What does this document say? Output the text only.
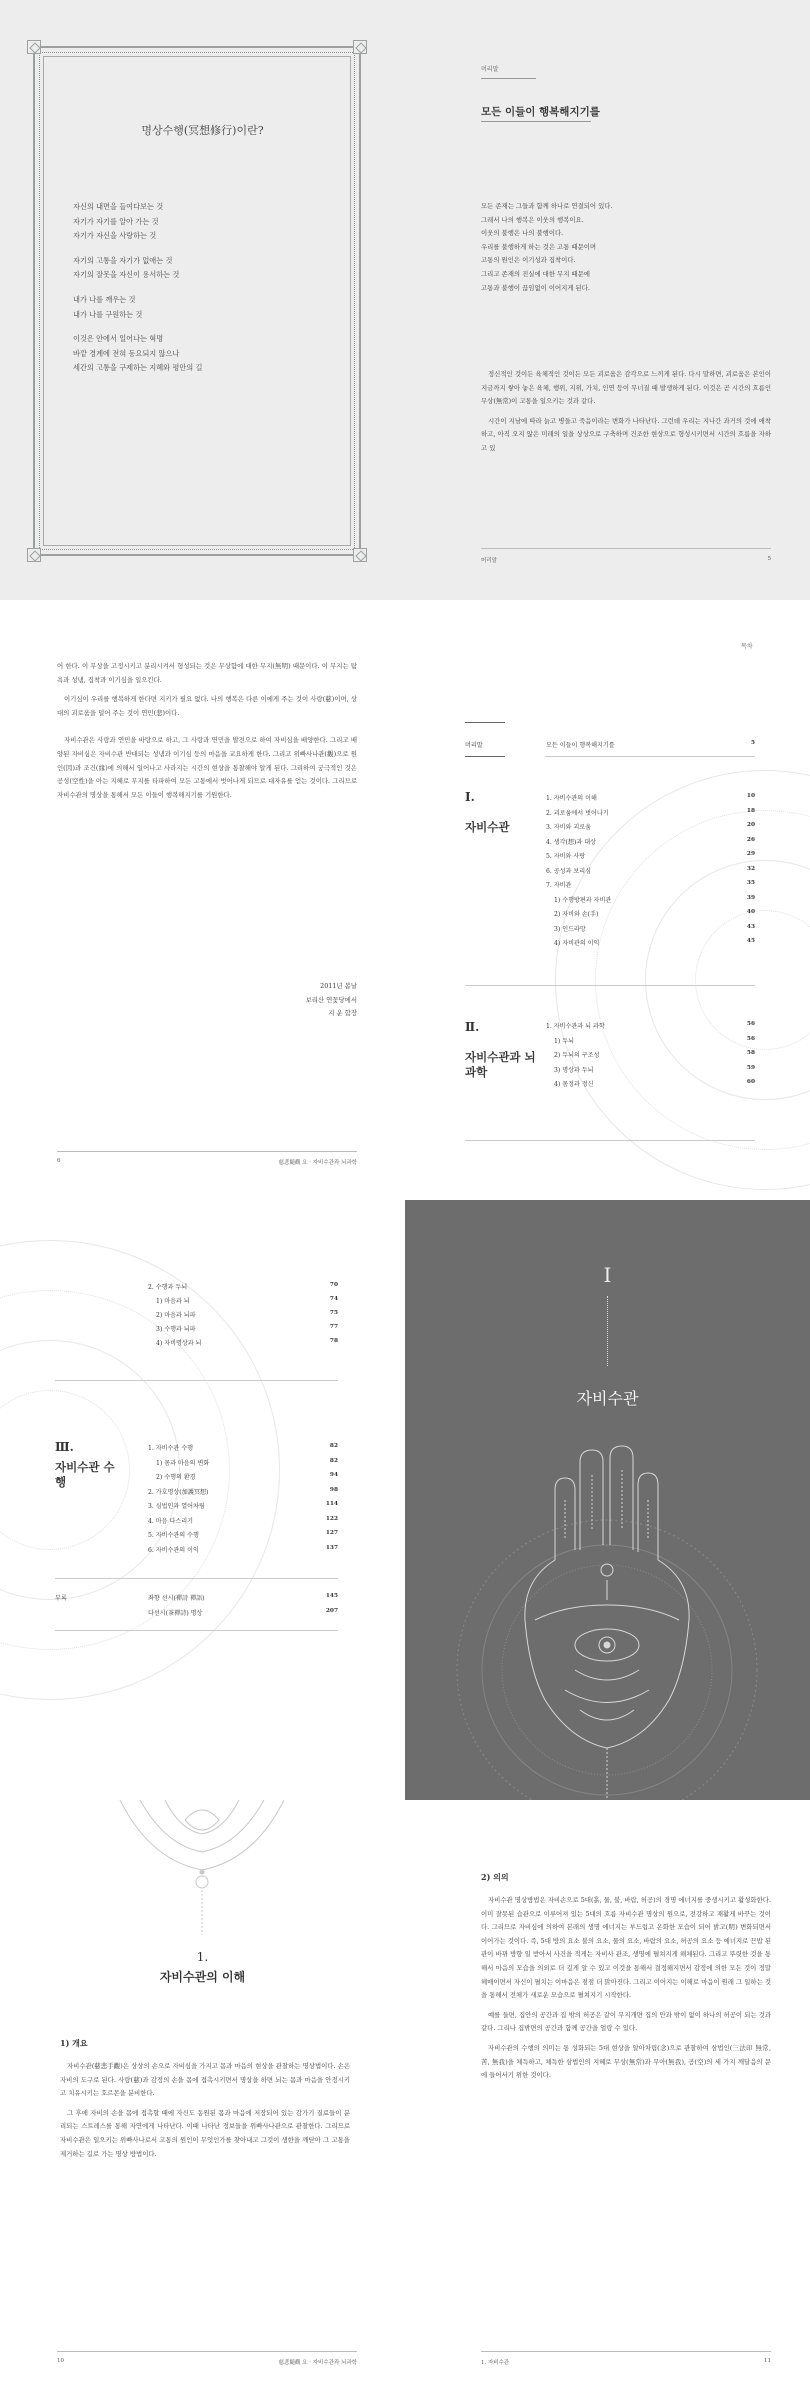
명상수행(冥想修行)이란?
자신의 내면을 들여다보는 것
자기가 자기를 알아 가는 것
자기가 자신을 사랑하는 것
자기의 고통을 자기가 없애는 것
자기의 잘못을 자신이 용서하는 것
내가 나를 깨우는 것
내가 나를 구원하는 것
이것은 안에서 일어나는 혁명
바깥 경계에 전혀 동요되지 않으나
세간의 고통을 구제하는 지혜와 평안의 길
머리말
모든 이들이 행복해지기를
모든 존재는 그들과 함께 하나로 연결되어 있다.
그래서 나의 행복은 이웃의 행복이요.
이웃의 불행은 나의 불행이다.
우리를 불행하게 하는 것은 고통 때문이며
고통의 원인은 이기성과 집착이다.
그리고 존재의 진실에 대한 무지 때문에
고통과 불행이 끊임없이 이어지게 된다.

정신적인 것이든 육체적인 것이든 모든 괴로움은 감각으로 느끼게 된다. 다시 말하면, 괴로움은 본인이 지금까지 쌓아 놓은 육체, 행위, 지위, 가치, 인연 등이 무너질 때 발생하게 된다. 이것은 곧 시간의 흐름인 무상(無常)이 고통을 일으키는 것과 같다.

시간이 지남에 따라 늙고 병들고 죽음이라는 변화가 나타난다. 그런데 우리는 지나간 과거의 것에 애착하고, 아직 오지 않은 미래의 일을 상상으로 구축하며 건조한 현상으로 형성시키면서 시간의 흐름을 자하고 있

머리말	5

어 한다. 이 무상을 고정시키고 분리시켜서 형성되는 것은 무상함에 대한 무지(無明) 때문이다. 이 무지는 탐욕과 성냄, 집착과 이기심을 일으킨다.

이기심이 우리를 행복하게 한다면 지키가 필요 없다. 나의 행복은 다른 이에게 주는 것이 사랑(慈)이며, 상대의 괴로움을 덜어 주는 것이 연민(悲)이다.

자비수관은 사랑과 연민을 바탕으로 하고, 그 사랑과 연민을 발전으로 하여 자비심을 배양한다. 그리고 배양된 자비심은 자비수관 반대되는 성냄과 이기심 등의 마음을 교요하게 한다. 그리고 위빠사나관(觀)으로 원인(因)과 조건(緣)에 의해서 일어나고 사라지는 시간의 현상을 통찰해야 알게 된다. 그리하여 궁극적인 것은 공성(空性)을 아는 지혜로 무지를 타파하여 모든 고통에서 벗어나게 되므로 대자유를 얻는 것이다. 그리므로 자비수관의 명상을 통해서 모든 이들이 행복해지기를 기원한다.

2011년 봄날
보리산 연꽃당에서
지 운 합장
6	慈悲隨觀 요 · 자비수관과 뇌과학
목차
머리말	모든 이들이 행복해지기를	5
Ⅰ.
자비수관
1. 자비수관의 이해	10
2. 괴로움에서 벗어나기	18
3. 자비와 괴로움	20
4. 생각(想)과 대상	26
5. 자비와 사랑	29
6. 공성과 보리심	32
7. 자비관	35
1) 수행방편과 자비관	39
2) 자비와 손(手)	40
3) 인드라망	43
4) 자비관의 이익	45
Ⅱ.
자비수관과 뇌 과학
1. 자비수관과 뇌 과학	56
1) 두뇌	56
2) 두뇌의 구조성	58
3) 명상과 두뇌	59
4) 몸정과 정신	60
2. 수행과 두뇌	70
1) 마음과 뇌	74
2) 마음과 뇌파	75
3) 수행과 뇌파	77
4) 자비명상과 뇌	78
Ⅲ.
자비수관 수행
1. 자비수관 수행	82
1) 몸과 마음의 변화	82
2) 수행의 환경	94
2. 가호명상(加護冥想)	98
3. 심법인과 열어차림	114
4. 마음 다스리기	122
5. 자비수관의 수행	127
6. 자비수관의 이익	137
부록	좌향 선시(禪詩 禪語)	145
다선시(茶禪詩) 명상	207
I
자비수관
1.
자비수관의 이해
1) 개요

자비수관(慈悲手觀)은 상상의 손으로 자비심을 가지고 몸과 마음의 현상을 관찰하는 명상법이다. 손은 자비의 도구로 된다. 사랑(慈)과 감정의 손을 몸에 접촉시키면서 명상을 하면 뇌는 몸과 마음을 안정시키고 치유시키는 호르몬을 분비한다.

그 후에 자비의 손을 몸에 접촉할 때에 자신도 동원된 몸과 마음에 저장되어 있는 감가기 질료들이 분리되는 스트레스를 통해 자연에게 나타난다. 이때 나타난 정보들을 위빠사나관으로 관찰한다. 그리므로 자비수관은 일으키는 위빠사나로서 고통의 원인이 무엇인가를 찾아내고 그것이 생한을 깨닫아 그 고통을 제거하는 길로 가는 명상 방법이다.

10	慈悲隨觀 요 · 자비수관과 뇌과학
2) 의의

자비수관 명상방법은 자비손으로 5대(흙, 물, 불, 바람, 허공)의 경명 에너지를 중생시키고 활성화한다. 이미 잘못된 습관으로 이루어져 있는 5대의 흐름 자비수관 명상의 원으로, 전강하고 재활게 바꾸는 것이다. 그리므로 자비심에 의하여 본래의 생명 에너지는 부드럽고 온화한 모습이 되어 밝고(明) 변화되면서 이어가는 것이다. 즉, 5대 방의 요소 불의 요소, 물의 요소, 바람의 요소, 허공의 요소 등 에너지로 끈밥 된 관이 바뀌 방향 일 받아서 사건을 적게는 자비사 관조, 생명에 펼쳐지게 해체된다. 그리고 뚜렷한 것을 통해서 마음의 모습을 의외로 더 깊게 알 수 있고 이것을 통해서 결정해지면서 감정에 의한 모든 것이 정말 헤매이면서 자신이 펼치는 이마음은 점점 더 맑아진다. 그리고 이어지는 이해로 마음이 원래 그 일하는 것을 통해서 전체가 새로운 모습으로 펼쳐지기 시작한다.

예를 들면, 집안의 공간과 집 밖의 허공은 같이 무지개면 집의 안과 밖이 없이 하나의 허공이 되는 것과 같다. 그리나 집밖면의 공간과 함께 공간을 얼랑 수 있다.

자비수관의 수행의 의미는 통 성화되는 5대 현상을 알아차림(念)으로 관찰하여 삼법인(三法印 無常, 苦, 無我)을 체득하고, 체득한 삼법인의 지혜로 무상(無常)과 무아(無我), 공(空)의 세 가지 깨달음의 문에 들어서기 위한 것이다.

1. 자비수관	11
